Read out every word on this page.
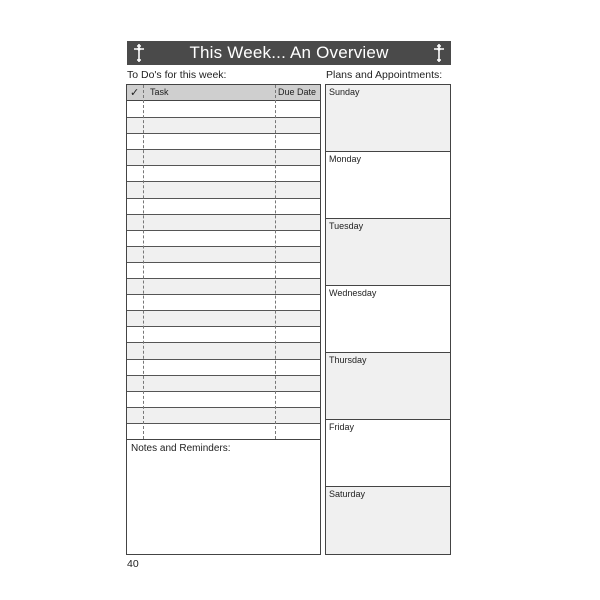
This Week... An Overview
To Do's for this week:	Plans and Appointments:
✓ Task	Due Date
Notes and Reminders:
Sunday
Monday
Tuesday
Wednesday
Thursday
Friday
Saturday
40
